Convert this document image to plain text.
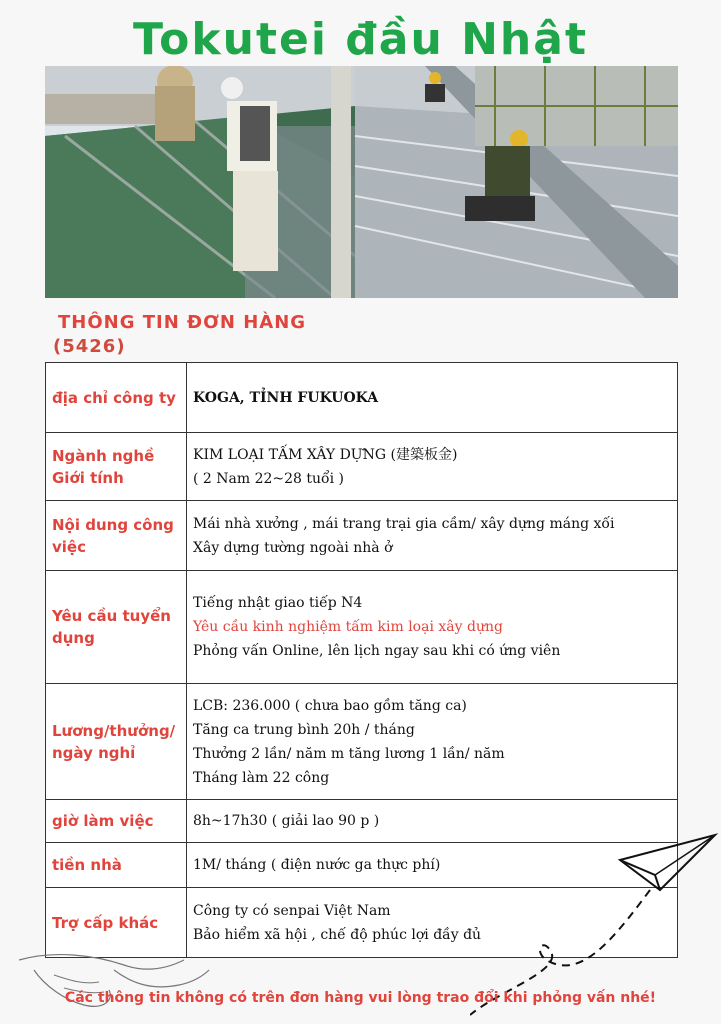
Tokutei đầu Nhật
THÔNG TIN ĐƠN HÀNG
(5426)
địa chỉ công ty	KOGA, TỈNH FUKUOKA

Ngành nghề Giới tính	KIM LOẠI TẤM XÂY DỰNG (建築板金)
( 2 Nam 22~28 tuổi )

Nội dung công việc	Mái nhà xưởng , mái trang trại gia cầm/ xây dựng máng xối
Xây dựng tường ngoài nhà ở

Yêu cầu tuyển dụng	Tiếng nhật giao tiếp N4
Yêu cầu kinh nghiệm tấm kim loại xây dựng
Phỏng vấn Online, lên lịch ngay sau khi có ứng viên

Lương/thưởng/ ngày nghỉ	LCB: 236.000 ( chưa bao gồm tăng ca)
Tăng ca trung bình 20h / tháng
Thưởng 2 lần/ năm m tăng lương 1 lần/ năm
Tháng làm 22 công

giờ làm việc	8h~17h30 ( giải lao 90 p )

tiền nhà	1M/ tháng ( điện nước ga thực phí)

Trợ cấp khác	Công ty có senpai Việt Nam
Bảo hiểm xã hội , chế độ phúc lợi đầy đủ
Các thông tin không có trên đơn hàng vui lòng trao đổi khi phỏng vấn nhé!
